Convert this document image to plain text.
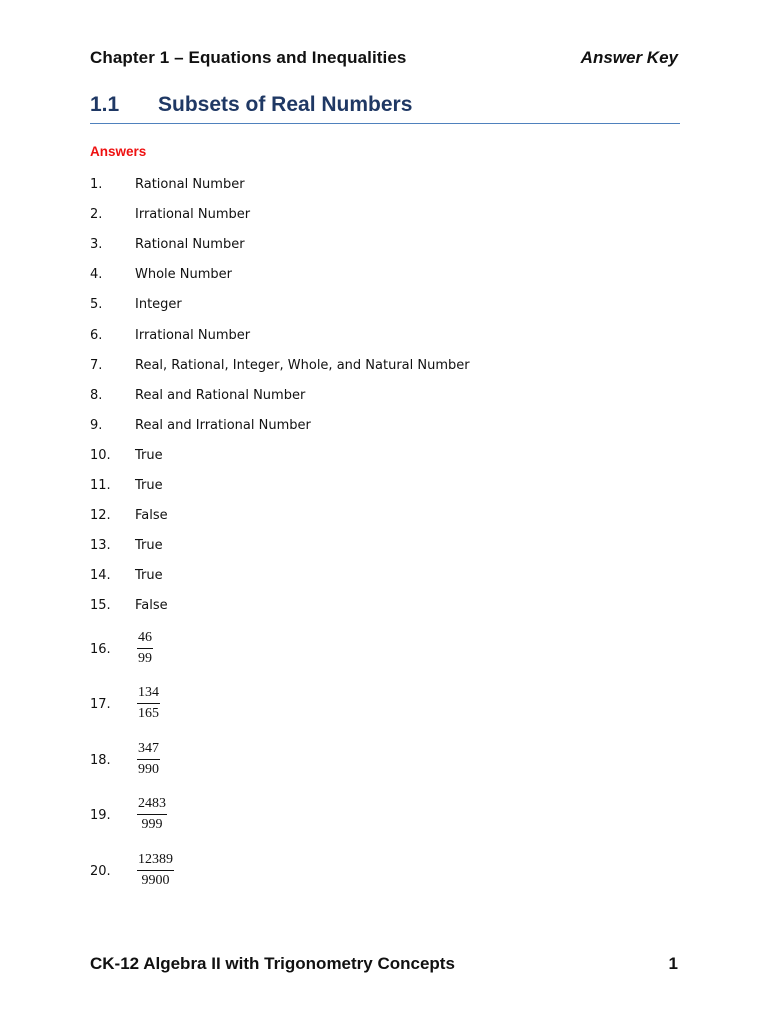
Chapter 1 – Equations and Inequalities	Answer Key
1.1 Subsets of Real Numbers
Answers
1.	Rational Number
2.	Irrational Number
3.	Rational Number
4.	Whole Number
5.	Integer
6.	Irrational Number
7.	Real, Rational, Integer, Whole, and Natural Number
8.	Real and Rational Number
9.	Real and Irrational Number
10. True
11. True
12. False
13. True
14. True
15. False
16.
46
99
17.
134
165
18.
347
990
19.
2483
999
20.
12389
9900
CK-12 Algebra II with Trigonometry Concepts	1
